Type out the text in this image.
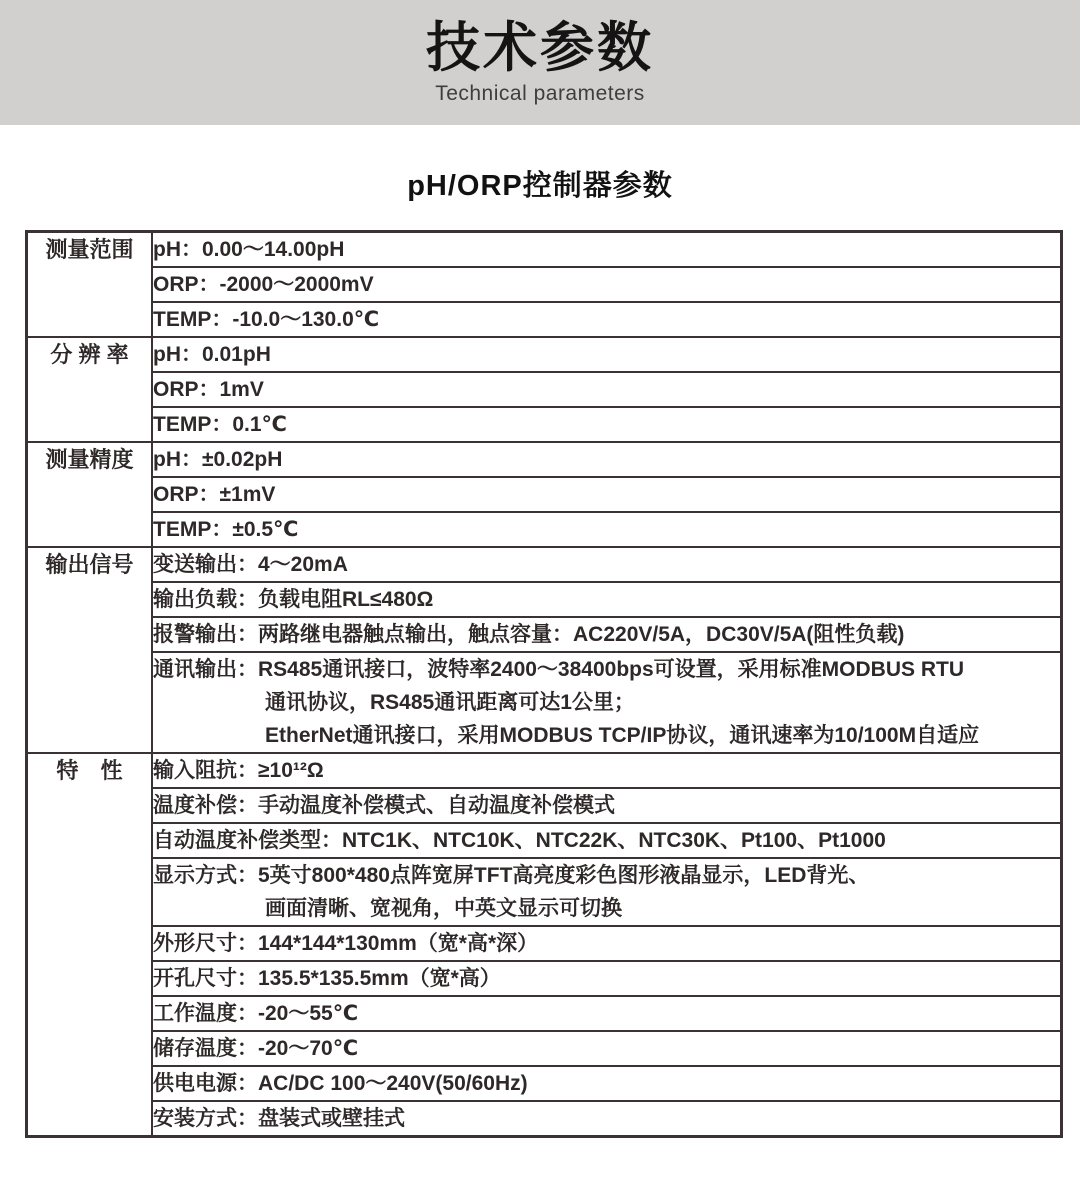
技术参数
Technical parameters
pH/ORP控制器参数
测量范围	pH：0.00～14.00pH

	ORP：-2000～2000mV

	TEMP：-10.0～130.0℃

分 辨 率	pH：0.01pH

	ORP：1mV

	TEMP：0.1℃

测量精度	pH：±0.02pH

	ORP：±1mV

	TEMP：±0.5℃

输出信号	变送输出：4～20mA

	输出负载：负载电阻RL≤480Ω

	报警输出：两路继电器触点输出，触点容量：AC220V/5A，DC30V/5A(阻性负载)

	通讯输出：RS485通讯接口，波特率2400～38400bps可设置，采用标准MODBUS RTU
通讯协议，RS485通讯距离可达1公里；
EtherNet通讯接口，采用MODBUS TCP/IP协议，通讯速率为10/100M自适应

特　性	输入阻抗：≥10¹²Ω

	温度补偿：手动温度补偿模式、自动温度补偿模式

	自动温度补偿类型：NTC1K、NTC10K、NTC22K、NTC30K、Pt100、Pt1000

	显示方式：5英寸800*480点阵宽屏TFT高亮度彩色图形液晶显示，LED背光、
画面清晰、宽视角，中英文显示可切换

	外形尺寸：144*144*130mm（宽*高*深）

	开孔尺寸：135.5*135.5mm（宽*高）

	工作温度：-20～55℃

	储存温度：-20～70℃

	供电电源：AC/DC 100～240V(50/60Hz)

	安装方式：盘装式或壁挂式
